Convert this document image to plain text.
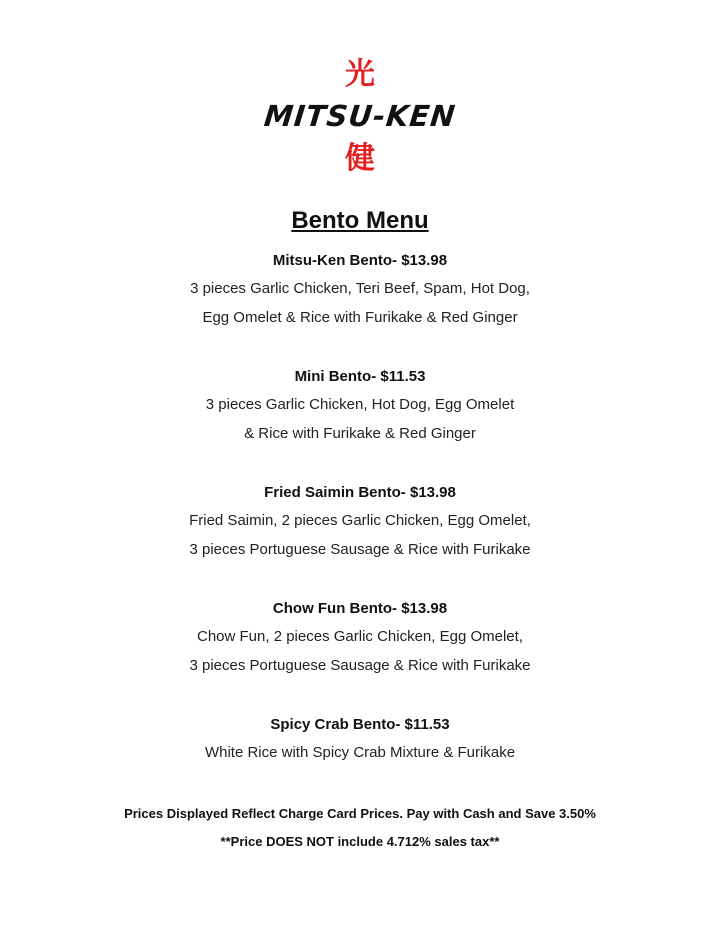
光
MITSU-KEN
健
Bento Menu
Mitsu-Ken Bento- $13.98
3 pieces Garlic Chicken, Teri Beef, Spam, Hot Dog,
Egg Omelet & Rice with Furikake & Red Ginger
Mini Bento- $11.53
3 pieces Garlic Chicken, Hot Dog, Egg Omelet
& Rice with Furikake & Red Ginger
Fried Saimin Bento- $13.98
Fried Saimin, 2 pieces Garlic Chicken, Egg Omelet,
3 pieces Portuguese Sausage & Rice with Furikake
Chow Fun Bento- $13.98
Chow Fun, 2 pieces Garlic Chicken, Egg Omelet,
3 pieces Portuguese Sausage & Rice with Furikake
Spicy Crab Bento- $11.53
White Rice with Spicy Crab Mixture & Furikake
Prices Displayed Reflect Charge Card Prices. Pay with Cash and Save 3.50%
**Price DOES NOT include 4.712% sales tax**
